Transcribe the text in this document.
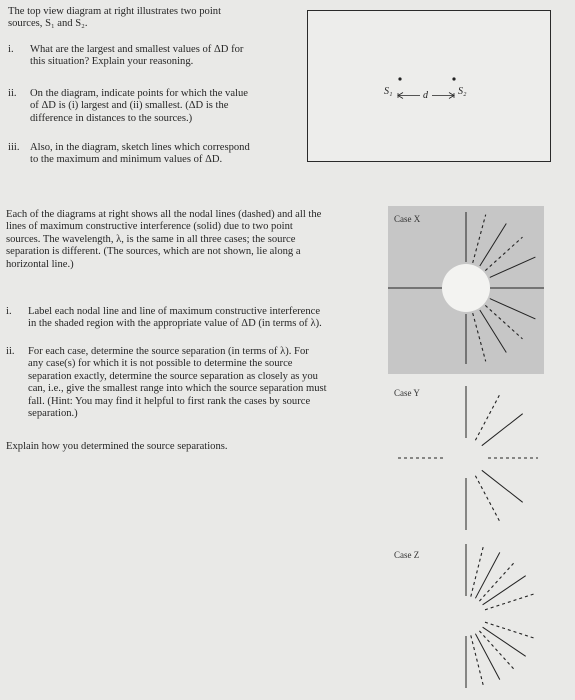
The top view diagram at right illustrates two point
sources, S₁ and S₂.
i.	What are the largest and smallest values of ΔD for
this situation? Explain your reasoning.
ii.	On the diagram, indicate points for which the value
of ΔD is (i) largest and (ii) smallest. (ΔD is the
difference in distances to the sources.)
iii. Also, in the diagram, sketch lines which correspond
to the maximum and minimum values of ΔD.
S₁	d	S₂
Each of the diagrams at right shows all the nodal lines (dashed) and all the
lines of maximum constructive interference (solid) due to two point
sources. The wavelength, λ, is the same in all three cases; the source
separation is different. (The sources, which are not shown, lie along a
horizontal line.)
i.	Label each nodal line and line of maximum constructive interference
in the shaded region with the appropriate value of ΔD (in terms of λ).
ii.	For each case, determine the source separation (in terms of λ). For
any case(s) for which it is not possible to determine the source
separation exactly, determine the source separation as closely as you
can, i.e., give the smallest range into which the source separation must
fall. (Hint: You may find it helpful to first rank the cases by source
separation.)
Explain how you determined the source separations.
Case X
Case Y
Case Z
